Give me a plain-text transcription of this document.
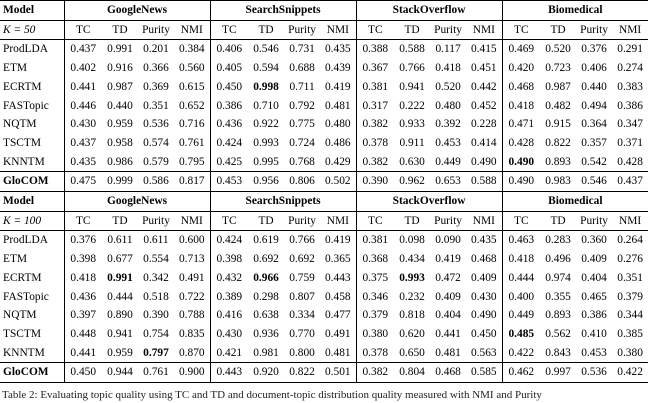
Model	GoogleNews				SearchSnippets				StackOverflow				Biomedical			
K = 50	TC	TD	Purity	NMI	TC	TD	Purity	NMI	TC	TD	Purity	NMI	TC	TD	Purity	NMI
ProdLDA	0.437	0.991	0.201	0.384	0.406	0.546	0.731	0.435	0.388	0.588	0.117	0.415	0.469	0.520	0.376	0.291
ETM	0.402	0.916	0.366	0.560	0.405	0.594	0.688	0.439	0.367	0.766	0.418	0.451	0.420	0.723	0.406	0.274
ECRTM	0.441	0.987	0.369	0.615	0.450	0.998	0.711	0.419	0.381	0.941	0.520	0.442	0.468	0.987	0.440	0.383
FASTopic	0.446	0.440	0.351	0.652	0.386	0.710	0.792	0.481	0.317	0.222	0.480	0.452	0.418	0.482	0.494	0.386
NQTM	0.430	0.959	0.536	0.716	0.436	0.922	0.775	0.480	0.382	0.933	0.392	0.228	0.471	0.915	0.364	0.347
TSCTM	0.437	0.958	0.574	0.761	0.424	0.993	0.724	0.486	0.378	0.911	0.453	0.414	0.428	0.822	0.357	0.371
KNNTM	0.435	0.986	0.579	0.795	0.425	0.995	0.768	0.429	0.382	0.630	0.449	0.490	0.490	0.893	0.542	0.428
GloCOM	0.475	0.999	0.586	0.817	0.453	0.956	0.806	0.502	0.390	0.962	0.653	0.588	0.490	0.983	0.546	0.437
Model	GoogleNews				SearchSnippets				StackOverflow				Biomedical			
K = 100	TC	TD	Purity	NMI	TC	TD	Purity	NMI	TC	TD	Purity	NMI	TC	TD	Purity	NMI
ProdLDA	0.376	0.611	0.611	0.600	0.424	0.619	0.766	0.419	0.381	0.098	0.090	0.435	0.463	0.283	0.360	0.264
ETM	0.398	0.677	0.554	0.713	0.398	0.692	0.692	0.365	0.368	0.434	0.419	0.468	0.418	0.496	0.409	0.276
ECRTM	0.418	0.991	0.342	0.491	0.432	0.966	0.759	0.443	0.375	0.993	0.472	0.409	0.444	0.974	0.404	0.351
FASTopic	0.436	0.444	0.518	0.722	0.389	0.298	0.807	0.458	0.346	0.232	0.409	0.430	0.400	0.355	0.465	0.379
NQTM	0.397	0.890	0.390	0.788	0.416	0.638	0.334	0.477	0.379	0.818	0.404	0.490	0.449	0.893	0.386	0.344
TSCTM	0.448	0.941	0.754	0.835	0.430	0.936	0.770	0.491	0.380	0.620	0.441	0.450	0.485	0.562	0.410	0.385
KNNTM	0.441	0.959	0.797	0.870	0.421	0.981	0.800	0.481	0.378	0.650	0.481	0.563	0.422	0.843	0.453	0.380
GloCOM	0.450	0.944	0.761	0.900	0.443	0.920	0.822	0.501	0.382	0.804	0.468	0.585	0.462	0.997	0.536	0.422
Table 2: Evaluating topic quality using TC and TD and document-topic distribution quality measured with NMI and Purity
